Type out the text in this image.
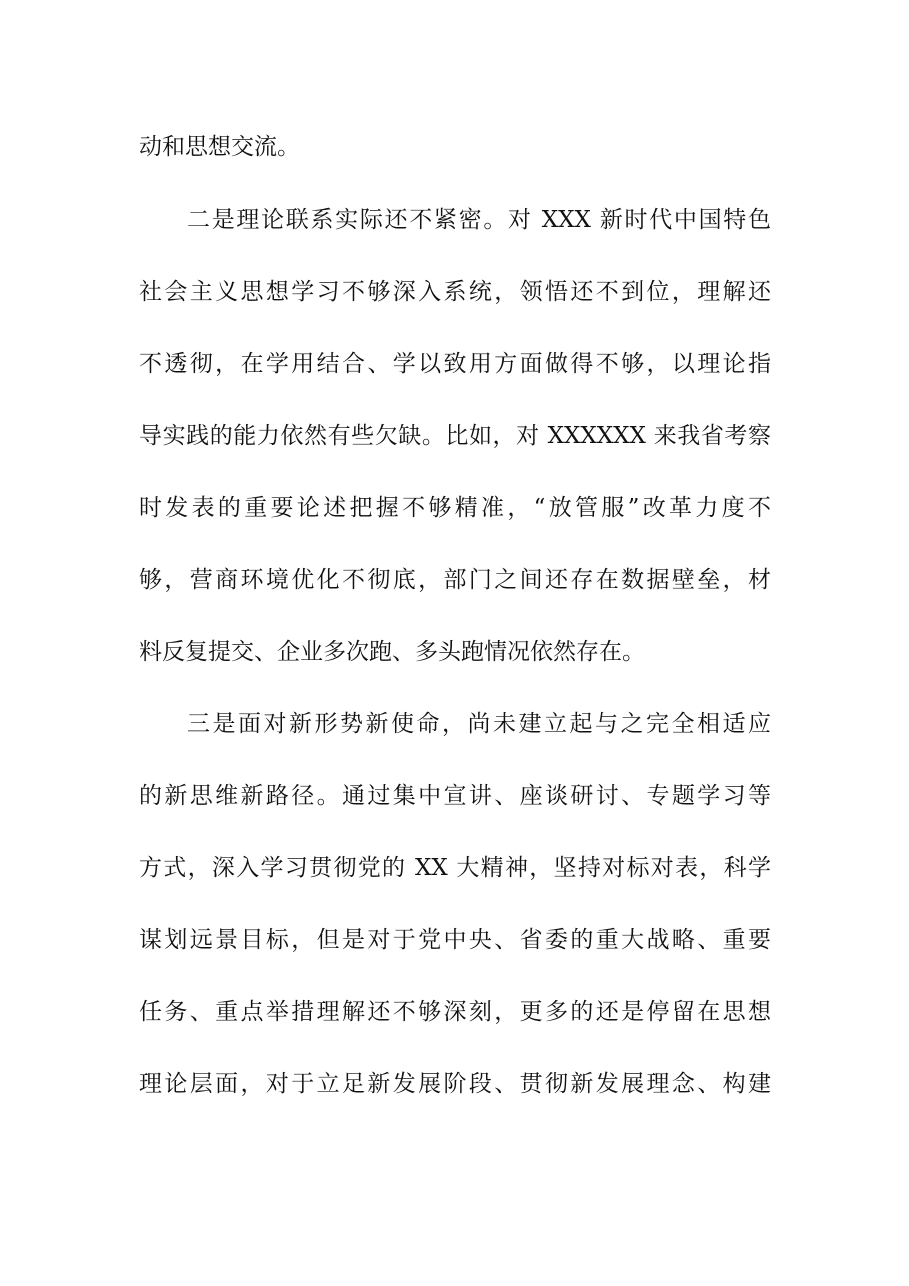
动和思想交流。
二是理论联系实际还不紧密。对 XXX 新时代中国特色
社会主义思想学习不够深入系统，领悟还不到位，理解还
不透彻，在学用结合、学以致用方面做得不够，以理论指
导实践的能力依然有些欠缺。比如，对 XXXXXX 来我省考察
时发表的重要论述把握不够精准，“放管服”改革力度不
够，营商环境优化不彻底，部门之间还存在数据壁垒，材
料反复提交、企业多次跑、多头跑情况依然存在。
三是面对新形势新使命，尚未建立起与之完全相适应
的新思维新路径。通过集中宣讲、座谈研讨、专题学习等
方式，深入学习贯彻党的 XX 大精神，坚持对标对表，科学
谋划远景目标，但是对于党中央、省委的重大战略、重要
任务、重点举措理解还不够深刻，更多的还是停留在思想
理论层面，对于立足新发展阶段、贯彻新发展理念、构建
